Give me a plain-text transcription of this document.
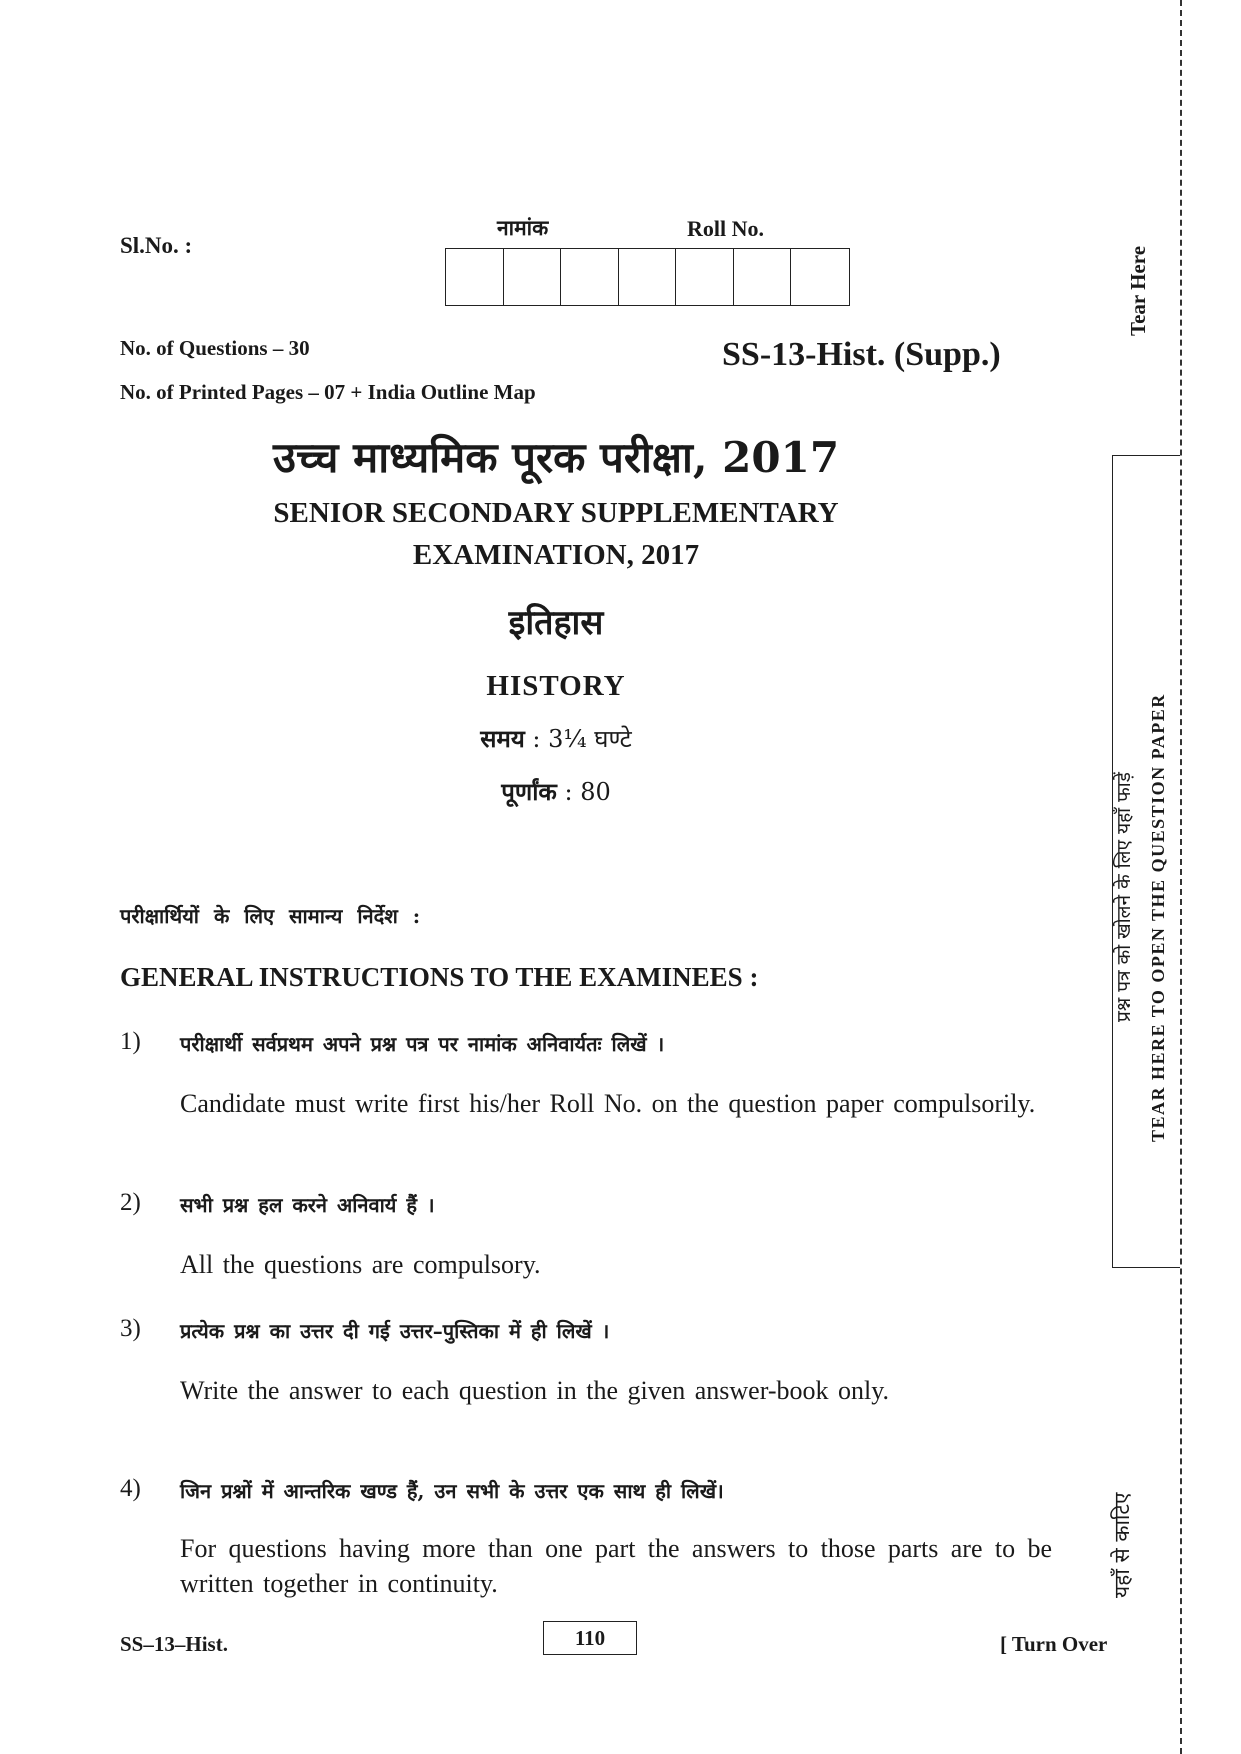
Sl.No. :
नामांक	Roll No.
No. of Questions – 30
No. of Printed Pages – 07 + India Outline Map
SS-13-Hist. (Supp.)
उच्च माध्यमिक पूरक परीक्षा, 2017
SENIOR SECONDARY SUPPLEMENTARY
EXAMINATION, 2017
इतिहास
HISTORY
समय : 3¼ घण्टे
पूर्णांक : 80
परीक्षार्थियों के लिए सामान्य निर्देश :
GENERAL INSTRUCTIONS TO THE EXAMINEES :
1) परीक्षार्थी सर्वप्रथम अपने प्रश्न पत्र पर नामांक अनिवार्यतः लिखें ।
Candidate must write first his/her Roll No. on the question paper compulsorily.
2) सभी प्रश्न हल करने अनिवार्य हैं ।
All the questions are compulsory.
3) प्रत्येक प्रश्न का उत्तर दी गई उत्तर–पुस्तिका में ही लिखें ।
Write the answer to each question in the given answer-book only.
4) जिन प्रश्नों में आन्तरिक खण्ड हैं, उन सभी के उत्तर एक साथ ही लिखें।
For questions having more than one part the answers to those parts are to be written together in continuity.
SS–13–Hist.	110	[ Turn Over
Tear Here
प्रश्न पत्र को खोलने के लिए यहाँ फाड़ें TEAR HERE TO OPEN THE QUESTION PAPER
यहाँ से काटिए
